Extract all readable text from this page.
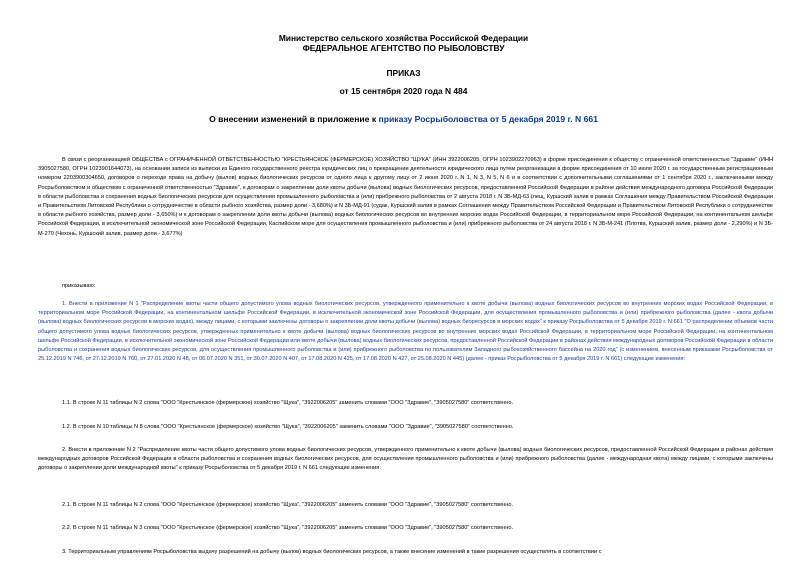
Министерство сельского хозяйства Российской Федерации
ФЕДЕРАЛЬНОЕ АГЕНТСТВО ПО РЫБОЛОВСТВУ
ПРИКАЗ
от 15 сентября 2020 года N 484
О внесении изменений в приложение к приказу Росрыболовства от 5 декабря 2019 г. N 661

В связи с реорганизацией ОБЩЕСТВА с ОГРАНИЧЕННОЙ ОТВЕТСТВЕННОСТЬЮ "КРЕСТЬЯНСКОЕ (ФЕРМЕРСКОЕ) ХОЗЯЙСТВО "ЩУКА" (ИНН 3922006205, ОГРН 1023902270963) в форме присоединения к обществу с ограниченной ответственностью "Здравие" (ИНН 3905027580, ОГРН 1023901644073), на основании записи из выписки из Единого государственного реестра юридических лиц о прекращении деятельности юридического лица путем реорганизации в форме присоединения от 10 июля 2020 г. за государственным регистрационным номером 2203900304650, договоров о переходе права на добычу (вылов) водных биологических ресурсов от одного лица к другому лицу от 2 июня 2020 г. N 1, N 3, N 5, N 6 и в соответствии с дополнительными соглашениями от 1 сентября 2020 г., заключенными между Росрыболовством и обществом с ограниченной ответственностью "Здравие", к договорам о закреплении доли квоты добычи (вылова) водных биологических ресурсов, предоставленной Российской Федерации в районе действия международного договора Российской Федерации в области рыболовства и сохранения водных биологических ресурсов для осуществления промышленного рыболовства и (или) прибрежного рыболовства от 2 августа 2018 г. N 3Б-МД-63 (лещ, Куршский залив в рамках Соглашения между Правительством Российской Федерации и Правительством Литовской Республики о сотрудничестве в области рыбного хозяйства, размер доли - 3,680%) и N 3Б-МД-91 (судак, Куршский залив в рамках Соглашения между Правительством Российской Федерации и Правительством Литовской Республики о сотрудничестве в области рыбного хозяйства, размер доли - 3,650%) и к договорам о закреплении доли квоты добычи (вылова) водных биологических ресурсов во внутренних морских водах Российской Федерации, в территориальном море Российской Федерации, на континентальном шельфе Российской Федерации, в исключительной экономической зоне Российской Федерации, Каспийском море для осуществления промышленного рыболовства и (или) прибрежного рыболовства от 24 августа 2018 г. N 3Б-М-241 (Плотва, Куршский залив, размер доли - 2,290%) и N 3Б-М-270 (Чехонь, Куршский залив, размер доли - 3,677%)

приказываю:

1. Внести в приложение N 1 "Распределение квоты части общего допустимого улова водных биологических ресурсов, утвержденного применительно к квоте добычи (вылова) водных биологических ресурсов во внутренних морских водах Российской Федерации, в территориальном море Российской Федерации, на континентальном шельфе Российской Федерации, в исключительной экономической зоне Российской Федерации, для осуществления промышленного рыболовства и (или) прибрежного рыболовства (далее - квота добычи (вылова) водных биологических ресурсов в морских водах), между лицами, с которыми заключены договоры о закреплении доли квоты добычи (вылова) водных биоресурсов в морских водах" к приказу Росрыболовства от 5 декабря 2019 г. N 661 "О распределении объемов части общего допустимого улова водных биологических ресурсов, утвержденных применительно к квоте добычи (вылова) водных биологических ресурсов во внутренних морских водах Российской Федерации, в территориальном море Российской Федерации, на континентальном шельфе Российской Федерации, в исключительной экономической зоне Российской Федерации или квоте добычи (вылова) водных биологических ресурсов, предоставленной Российской Федерации в районах действия международных договоров Российской Федерации в области рыболовства и сохранения водных биологических ресурсов, для осуществления промышленного рыболовства и (или) прибрежного рыболовства по пользователям Западного рыбохозяйственного бассейна на 2020 год" (с изменением, внесенным приказами Росрыболовства от 25.12.2019 N 746, от 27.12.2019 N 760, от 27.01.2020 N 48, от 06.07.2020 N 351, от 30.07.2020 N 407, от 17.08.2020 N 425, от 17.08.2020 N 427, от 25.08.2020 N 445) (далее - приказ Росрыболовства от 5 декабря 2019 г. N 661) следующие изменения:

1.1. В строке N 11 таблицы N 2 слова "ООО "Крестьянское (фермерское) хозяйство "Щука", "3922006205" заменить словами "ООО "Здравие", "3905027580" соответственно.

1.2. В строке N 10 таблицы N 8 слова "ООО "Крестьянское (фермерское) хозяйство "Щука", "3922006205" заменить словами "ООО "Здравие", "3905027580" соответственно.

2. Внести в приложение N 2 "Распределение квоты части общего допустимого улова водных биологических ресурсов, утвержденного применительно к квоте добычи (вылова) водных биологических ресурсов, предоставленной Российской Федерации в районах действия международных договоров Российской Федерации в области рыболовства и сохранения водных биологических ресурсов, для осуществления промышленного рыболовства и (или) прибрежного рыболовства (далее - международная квота) между лицами, с которыми заключены договоры о закреплении доли международной квоты" к приказу Росрыболовства от 5 декабря 2019 г. N 661 следующие изменения:

2.1. В строке N 11 таблицы N 2 слова "ООО "Крестьянское (фермерское) хозяйство "Щука", "3922006205" заменить словами "ООО "Здравие", "3905027580" соответственно.

2.2. В строке N 11 таблицы N 3 слова "ООО "Крестьянское (фермерское) хозяйство "Щука", "3922006205" заменить словами "ООО "Здравие", "3905027580" соответственно.

3. Территориальным управлениям Росрыболовства выдачу разрешений на добычу (вылов) водных биологических ресурсов, а также внесение изменений в такие разрешения осуществлять в соответствии с
